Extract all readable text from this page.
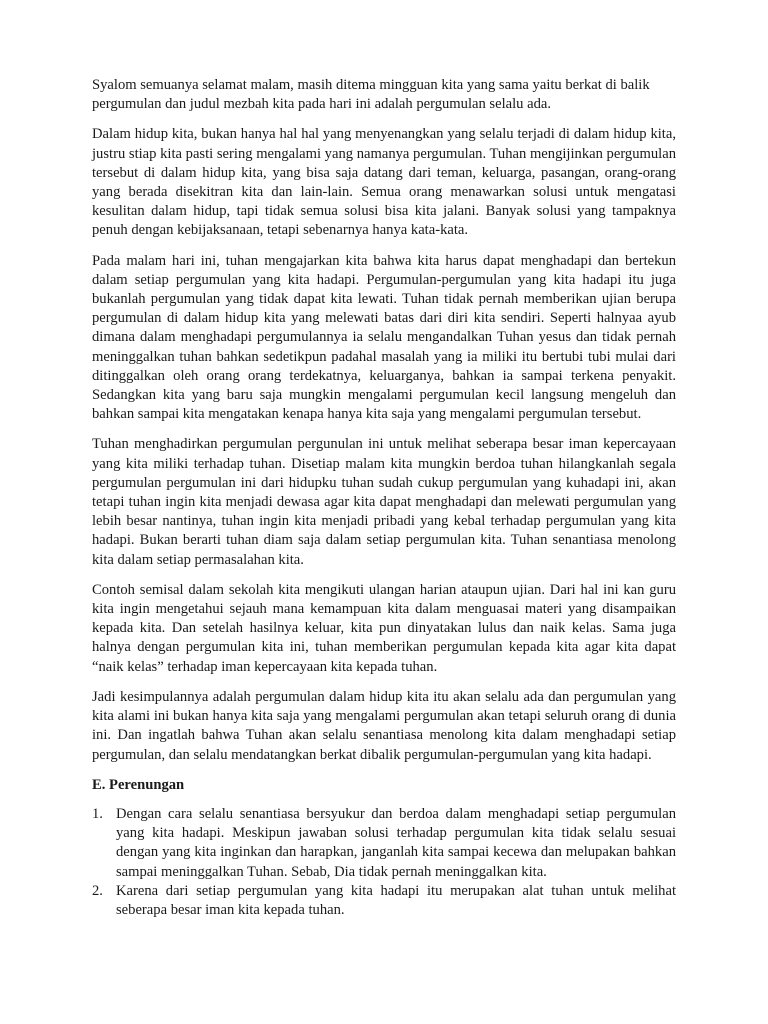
Syalom semuanya selamat malam, masih ditema mingguan kita yang sama yaitu berkat di balik pergumulan dan judul mezbah kita pada hari ini adalah pergumulan selalu ada.

Dalam hidup kita, bukan hanya hal hal yang menyenangkan yang selalu terjadi di dalam hidup kita, justru stiap kita pasti sering mengalami yang namanya pergumulan. Tuhan mengijinkan pergumulan tersebut di dalam hidup kita, yang bisa saja datang dari teman, keluarga, pasangan, orang-orang yang berada disekitran kita dan lain-lain. Semua orang menawarkan solusi untuk mengatasi kesulitan dalam hidup, tapi tidak semua solusi bisa kita jalani. Banyak solusi yang tampaknya penuh dengan kebijaksanaan, tetapi sebenarnya hanya kata-kata.

Pada malam hari ini, tuhan mengajarkan kita bahwa kita harus dapat menghadapi dan bertekun dalam setiap pergumulan yang kita hadapi. Pergumulan-pergumulan yang kita hadapi itu juga bukanlah pergumulan yang tidak dapat kita lewati. Tuhan tidak pernah memberikan ujian berupa pergumulan di dalam hidup kita yang melewati batas dari diri kita sendiri. Seperti halnyaa ayub dimana dalam menghadapi pergumulannya ia selalu mengandalkan Tuhan yesus dan tidak pernah meninggalkan tuhan bahkan sedetikpun padahal masalah yang ia miliki itu bertubi tubi mulai dari ditinggalkan oleh orang orang terdekatnya, keluarganya, bahkan ia sampai terkena penyakit. Sedangkan kita yang baru saja mungkin mengalami pergumulan kecil langsung mengeluh dan bahkan sampai kita mengatakan kenapa hanya kita saja yang mengalami pergumulan tersebut.

Tuhan menghadirkan pergumulan pergunulan ini untuk melihat seberapa besar iman kepercayaan yang kita miliki terhadap tuhan. Disetiap malam kita mungkin berdoa tuhan hilangkanlah segala pergumulan pergumulan ini dari hidupku tuhan sudah cukup pergumulan yang kuhadapi ini, akan tetapi tuhan ingin kita menjadi dewasa agar kita dapat menghadapi dan melewati pergumulan yang lebih besar nantinya, tuhan ingin kita menjadi pribadi yang kebal terhadap pergumulan yang kita hadapi. Bukan berarti tuhan diam saja dalam setiap pergumulan kita. Tuhan senantiasa menolong kita dalam setiap permasalahan kita.

Contoh semisal dalam sekolah kita mengikuti ulangan harian ataupun ujian. Dari hal ini kan guru kita ingin mengetahui sejauh mana kemampuan kita dalam menguasai materi yang disampaikan kepada kita. Dan setelah hasilnya keluar, kita pun dinyatakan lulus dan naik kelas. Sama juga halnya dengan pergumulan kita ini, tuhan memberikan pergumulan kepada kita agar kita dapat “naik kelas” terhadap iman kepercayaan kita kepada tuhan.

Jadi kesimpulannya adalah pergumulan dalam hidup kita itu akan selalu ada dan pergumulan yang kita alami ini bukan hanya kita saja yang mengalami pergumulan akan tetapi seluruh orang di dunia ini. Dan ingatlah bahwa Tuhan akan selalu senantiasa menolong kita dalam menghadapi setiap pergumulan, dan selalu mendatangkan berkat dibalik pergumulan-pergumulan yang kita hadapi.

E. Perenungan
1. Dengan cara selalu senantiasa bersyukur dan berdoa dalam menghadapi setiap pergumulan yang kita hadapi. Meskipun jawaban solusi terhadap pergumulan kita tidak selalu sesuai dengan yang kita inginkan dan harapkan, janganlah kita sampai kecewa dan melupakan bahkan sampai meninggalkan Tuhan. Sebab, Dia tidak pernah meninggalkan kita.
2. Karena dari setiap pergumulan yang kita hadapi itu merupakan alat tuhan untuk melihat seberapa besar iman kita kepada tuhan.
